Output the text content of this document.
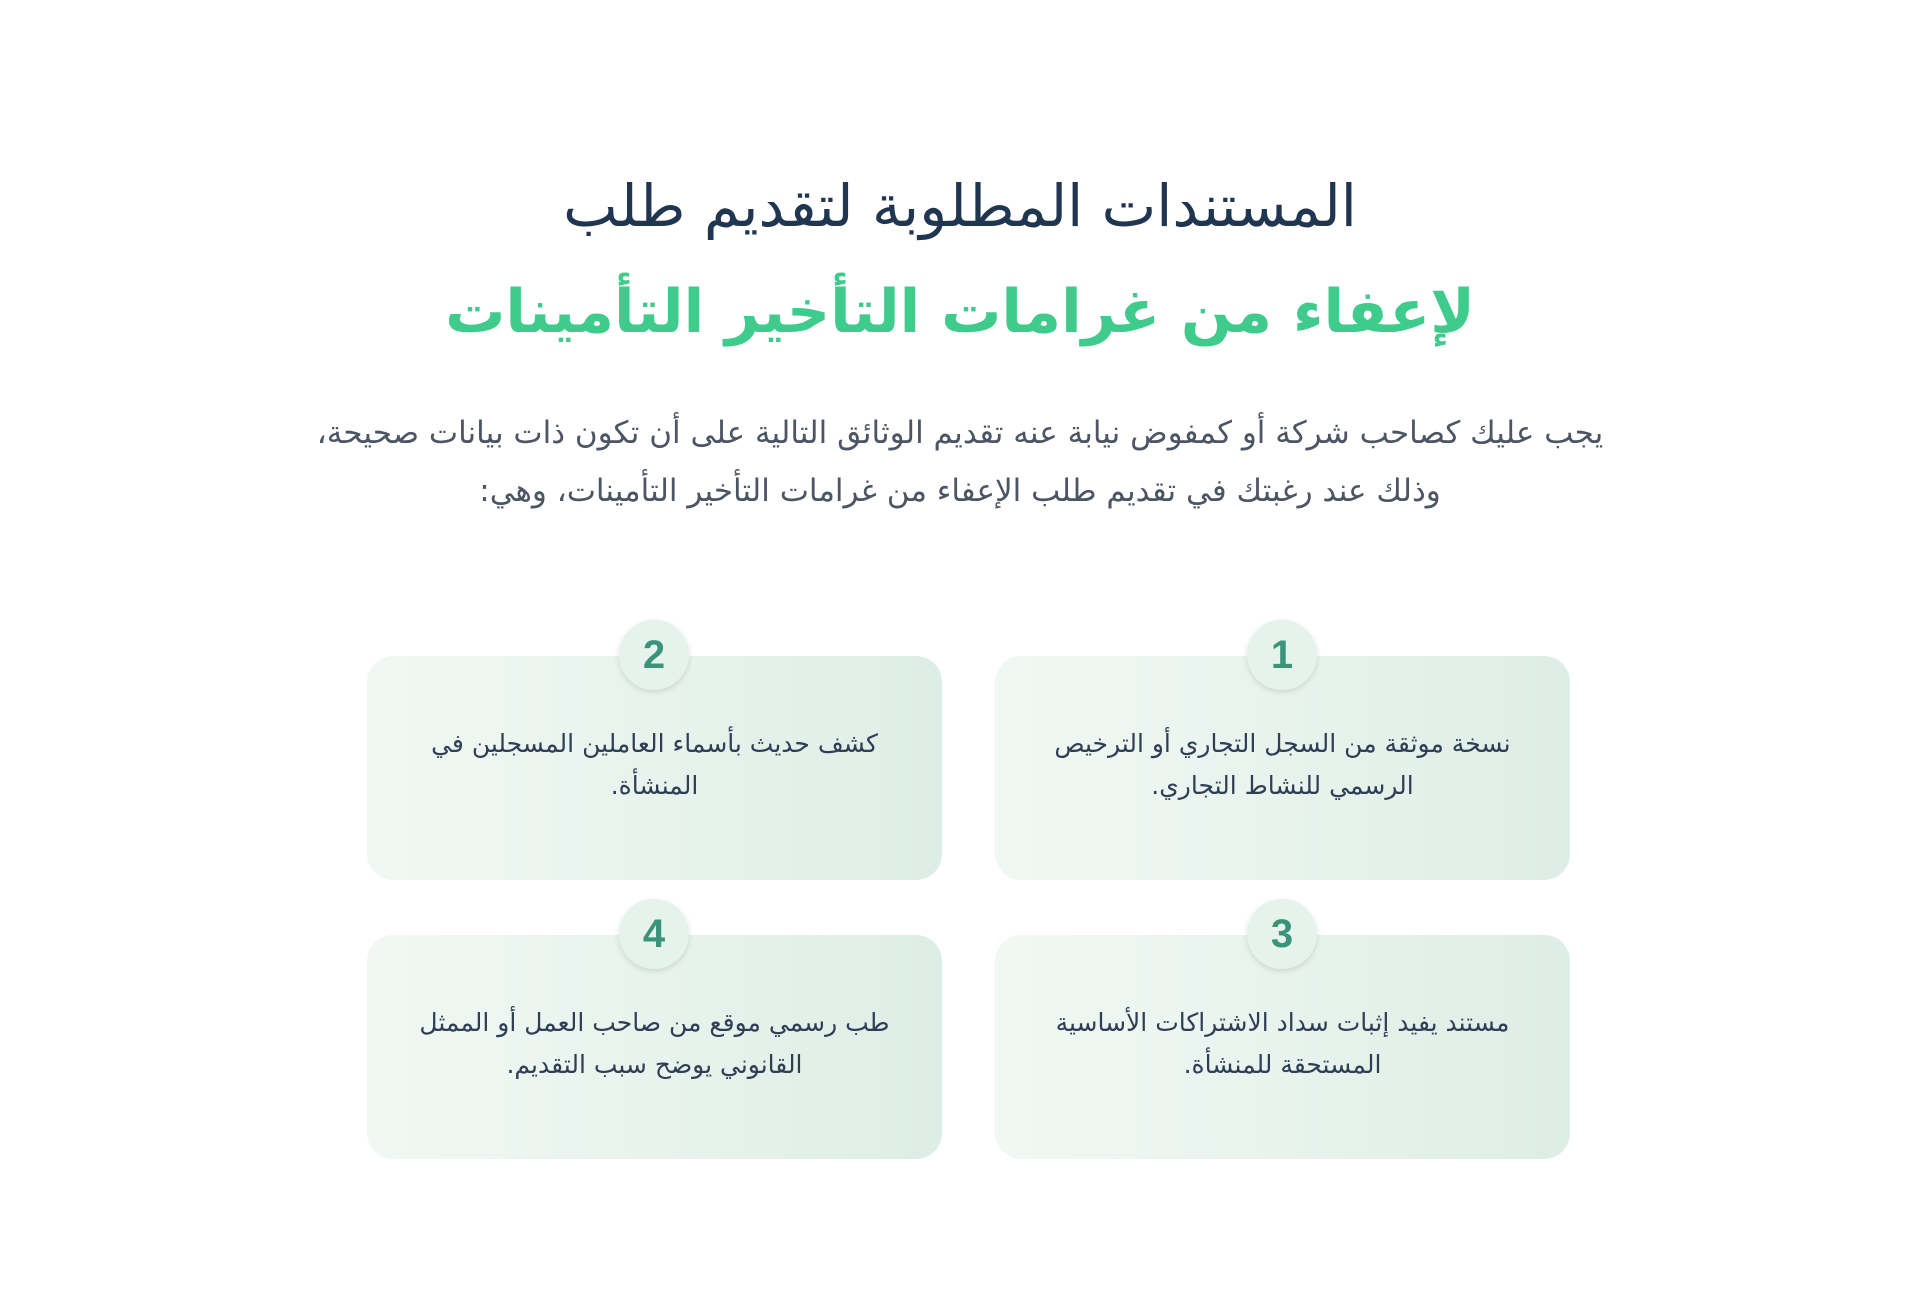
المستندات المطلوبة لتقديم طلب
لإعفاء من غرامات التأخير التأمينات

يجب عليك كصاحب شركة أو كمفوض نيابة عنه تقديم الوثائق التالية على أن تكون ذات بيانات صحيحة، وذلك عند رغبتك في تقديم طلب الإعفاء من غرامات التأخير التأمينات، وهي:

نسخة موثقة من السجل التجاري أو الترخيص الرسمي للنشاط التجاري.

1

كشف حديث بأسماء العاملين المسجلين في المنشأة.

2

مستند يفيد إثبات سداد الاشتراكات الأساسية المستحقة للمنشأة.

3

طب رسمي موقع من صاحب العمل أو الممثل القانوني يوضح سبب التقديم.

4
